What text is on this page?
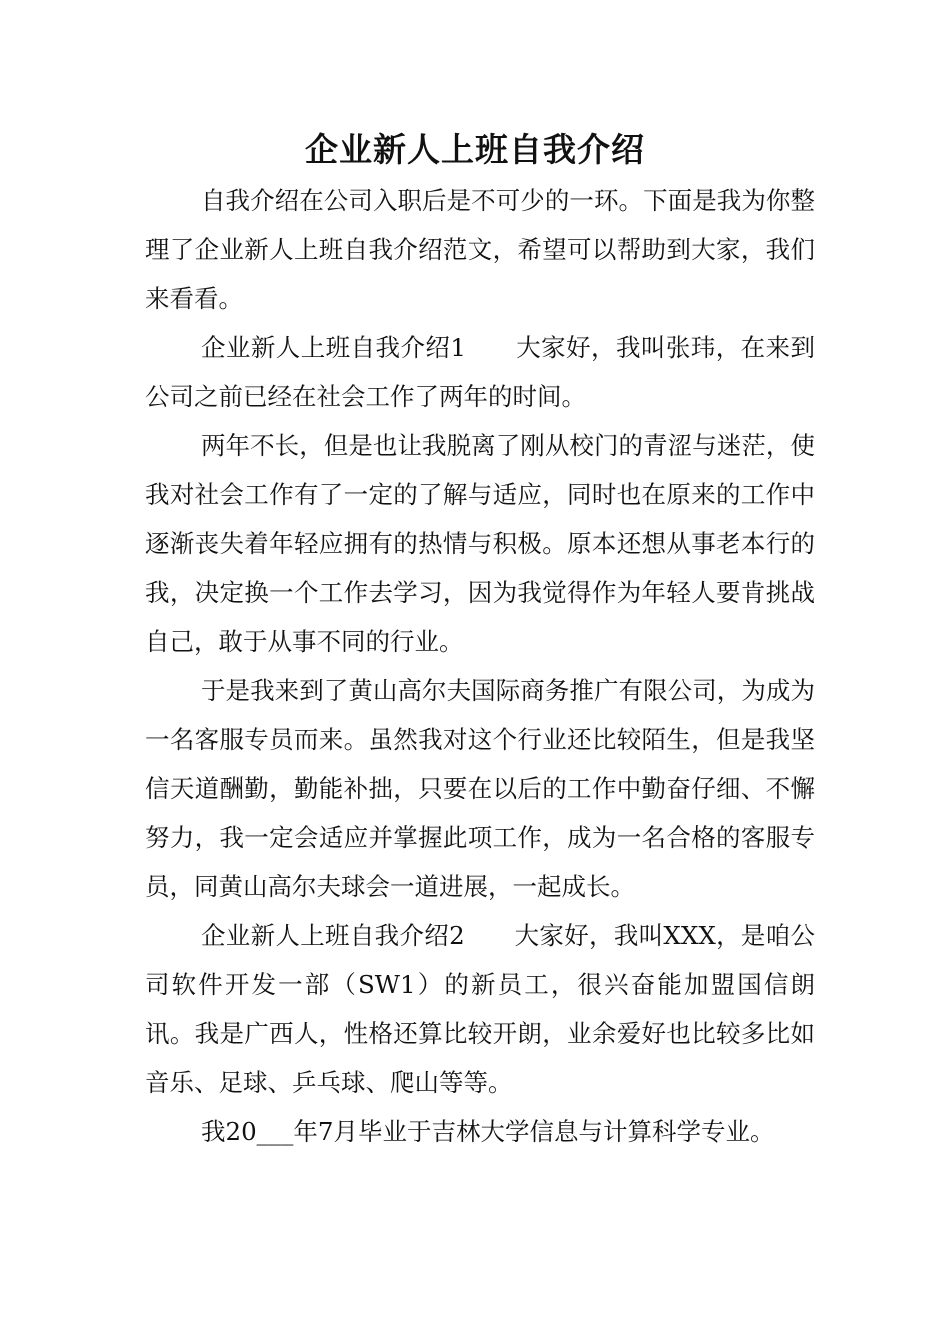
企业新人上班自我介绍

自我介绍在公司入职后是不可少的一环。下面是我为你整理了企业新人上班自我介绍范文，希望可以帮助到大家，我们来看看。

企业新人上班自我介绍1　　大家好，我叫张玮，在来到公司之前已经在社会工作了两年的时间。

两年不长，但是也让我脱离了刚从校门的青涩与迷茫，使我对社会工作有了一定的了解与适应，同时也在原来的工作中逐渐丧失着年轻应拥有的热情与积极。原本还想从事老本行的我，决定换一个工作去学习，因为我觉得作为年轻人要肯挑战自己，敢于从事不同的行业。

于是我来到了黄山高尔夫国际商务推广有限公司，为成为一名客服专员而来。虽然我对这个行业还比较陌生，但是我坚信天道酬勤，勤能补拙，只要在以后的工作中勤奋仔细、不懈努力，我一定会适应并掌握此项工作，成为一名合格的客服专员，同黄山高尔夫球会一道进展，一起成长。

企业新人上班自我介绍2　　大家好，我叫XXX，是咱公司软件开发一部（SW1）的新员工，很兴奋能加盟国信朗讯。我是广西人，性格还算比较开朗，业余爱好也比较多比如音乐、足球、乒乓球、爬山等等。

我20___年7月毕业于吉林大学信息与计算科学专业。
